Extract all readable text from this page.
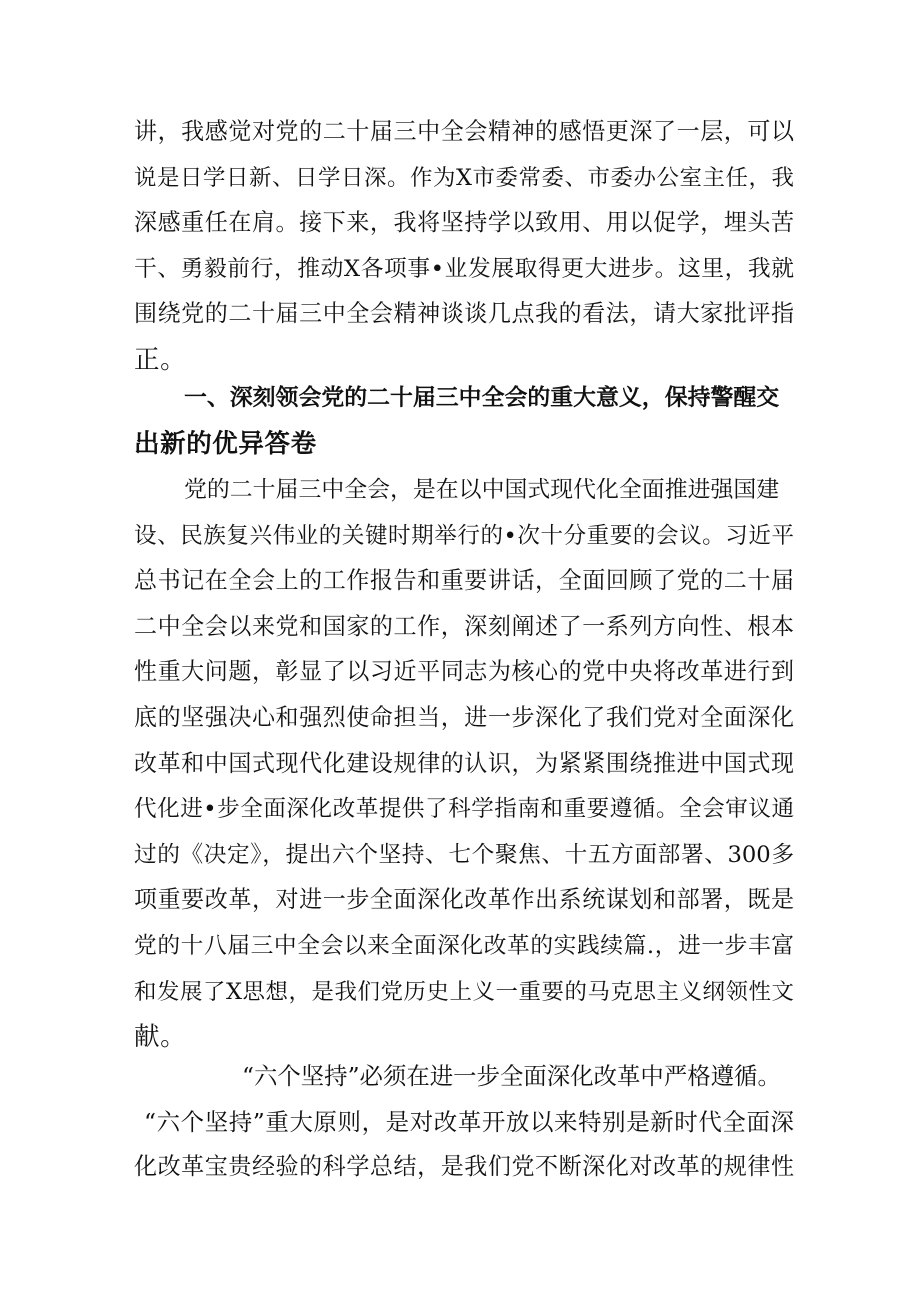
讲，我感觉对党的二十届三中全会精神的感悟更深了一层，可以
说是日学日新、日学日深。作为X市委常委、市委办公室主任，我
深感重任在肩。接下来，我将坚持学以致用、用以促学，埋头苦
干、勇毅前行，推动X各项事•业发展取得更大进步。这里，我就
围绕党的二十届三中全会精神谈谈几点我的看法，请大家批评指
正。
一、深刻领会党的二十届三中全会的重大意义，保持警醒交
出新的优异答卷
党的二十届三中全会，是在以中国式现代化全面推进强国建
设、民族复兴伟业的关键时期举行的•次十分重要的会议。习近平
总书记在全会上的工作报告和重要讲话，全面回顾了党的二十届
二中全会以来党和国家的工作，深刻阐述了一系列方向性、根本
性重大问题，彰显了以习近平同志为核心的党中央将改革进行到
底的坚强决心和强烈使命担当，进一步深化了我们党对全面深化
改革和中国式现代化建设规律的认识，为紧紧围绕推进中国式现
代化进•步全面深化改革提供了科学指南和重要遵循。全会审议通
过的《决定》，提出六个坚持、七个聚焦、十五方面部署、300多
项重要改革，对进一步全面深化改革作出系统谋划和部署，既是
党的十八届三中全会以来全面深化改革的实践续篇.，进一步丰富
和发展了X思想，是我们党历史上义一重要的马克思主义纲领性文
献。
“六个坚持”必须在进一步全面深化改革中严格遵循。
“六个坚持”重大原则，是对改革开放以来特别是新时代全面深
化改革宝贵经验的科学总结，是我们党不断深化对改革的规律性
